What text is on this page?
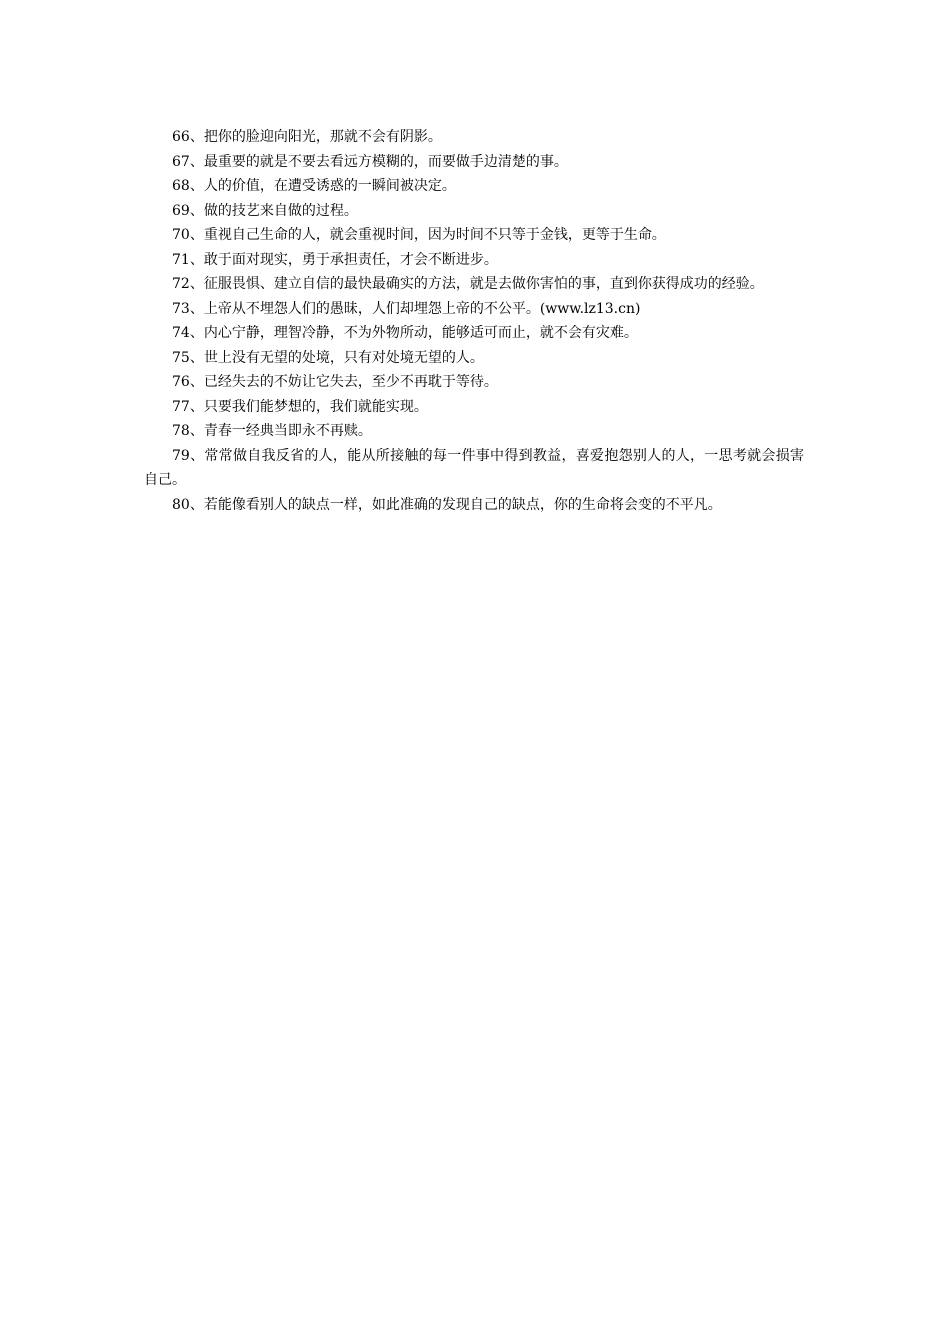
66、把你的脸迎向阳光，那就不会有阴影。

67、最重要的就是不要去看远方模糊的，而要做手边清楚的事。

68、人的价值，在遭受诱惑的一瞬间被决定。

69、做的技艺来自做的过程。

70、重视自己生命的人，就会重视时间，因为时间不只等于金钱，更等于生命。

71、敢于面对现实，勇于承担责任，才会不断进步。

72、征服畏惧、建立自信的最快最确实的方法，就是去做你害怕的事，直到你获得成功的经验。

73、上帝从不埋怨人们的愚昧，人们却埋怨上帝的不公平。(www.lz13.cn)

74、内心宁静，理智冷静，不为外物所动，能够适可而止，就不会有灾难。

75、世上没有无望的处境，只有对处境无望的人。

76、已经失去的不妨让它失去，至少不再耽于等待。

77、只要我们能梦想的，我们就能实现。

78、青春一经典当即永不再赎。

79、常常做自我反省的人，能从所接触的每一件事中得到教益，喜爱抱怨别人的人，一思考就会损害自己。

80、若能像看别人的缺点一样，如此准确的发现自己的缺点，你的生命将会变的不平凡。
